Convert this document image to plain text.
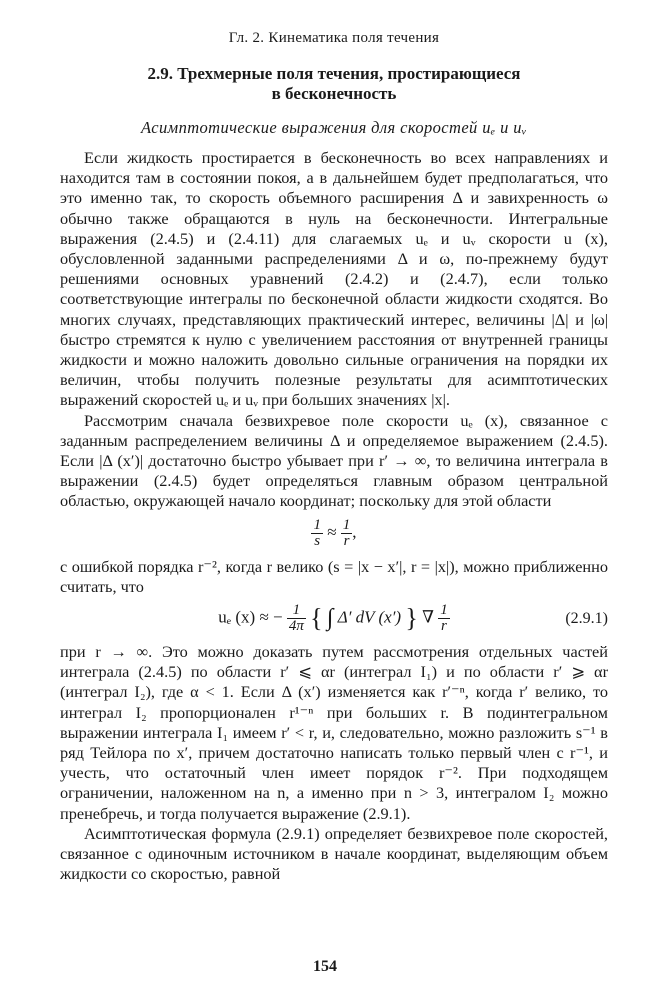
Гл. 2. Кинематика поля течения
2.9. Трехмерные поля течения, простирающиеся
в бесконечность
Асимптотические выражения для скоростей uₑ и uᵥ

Если жидкость простирается в бесконечность во всех направлениях и находится там в состоянии покоя, а в дальнейшем будет предполагаться, что это именно так, то скорость объемного расширения Δ и завихренность ω обычно также обращаются в нуль на бесконечности. Интегральные выражения (2.4.5) и (2.4.11) для слагаемых uₑ и uᵥ скорости u (x), обусловленной заданными распределениями Δ и ω, по-прежнему будут решениями основных уравнений (2.4.2) и (2.4.7), если только соответствующие интегралы по бесконечной области жидкости сходятся. Во многих случаях, представляющих практический интерес, величины |Δ| и |ω| быстро стремятся к нулю с увеличением расстояния от внутренней границы жидкости и можно наложить довольно сильные ограничения на порядки их величин, чтобы получить полезные результаты для асимптотических выражений скоростей uₑ и uᵥ при больших значениях |x|.

Рассмотрим сначала безвихревое поле скорости uₑ (x), связанное с заданным распределением величины Δ и определяемое выражением (2.4.5). Если |Δ (x′)| достаточно быстро убывает при r′ → ∞, то величина интеграла в выражении (2.4.5) будет определяться главным образом центральной областью, окружающей начало координат; поскольку для этой области

$\frac{1}{s} \approx \frac{1}{r}$ ,

с ошибкой порядка r⁻², когда r велико (s = |x − x′|, r = |x|), можно приближенно считать, что

uₑ (x) ≈ − $\frac{1}{4\pi}$ { ∫ Δ′ dV (x′) } ∇ $\frac{1}{r}$	(2.9.1)

при r → ∞. Это можно доказать путем рассмотрения отдельных частей интеграла (2.4.5) по области r′ ⩽ αr (интеграл I₁) и по области r′ ⩾ αr (интеграл I₂), где α < 1. Если Δ (x′) изменяется как r′⁻ⁿ, когда r′ велико, то интеграл I₂ пропорционален r¹⁻ⁿ при больших r. В подинтегральном выражении интеграла I₁ имеем r′ < r, и, следовательно, можно разложить s⁻¹ в ряд Тейлора по x′, причем достаточно написать только первый член с r⁻¹, и учесть, что остаточный член имеет порядок r⁻². При подходящем ограничении, наложенном на n, а именно при n > 3, интегралом I₂ можно пренебречь, и тогда получается выражение (2.9.1).

Асимптотическая формула (2.9.1) определяет безвихревое поле скоростей, связанное с одиночным источником в начале координат, выделяющим объем жидкости со скоростью, равной

154
